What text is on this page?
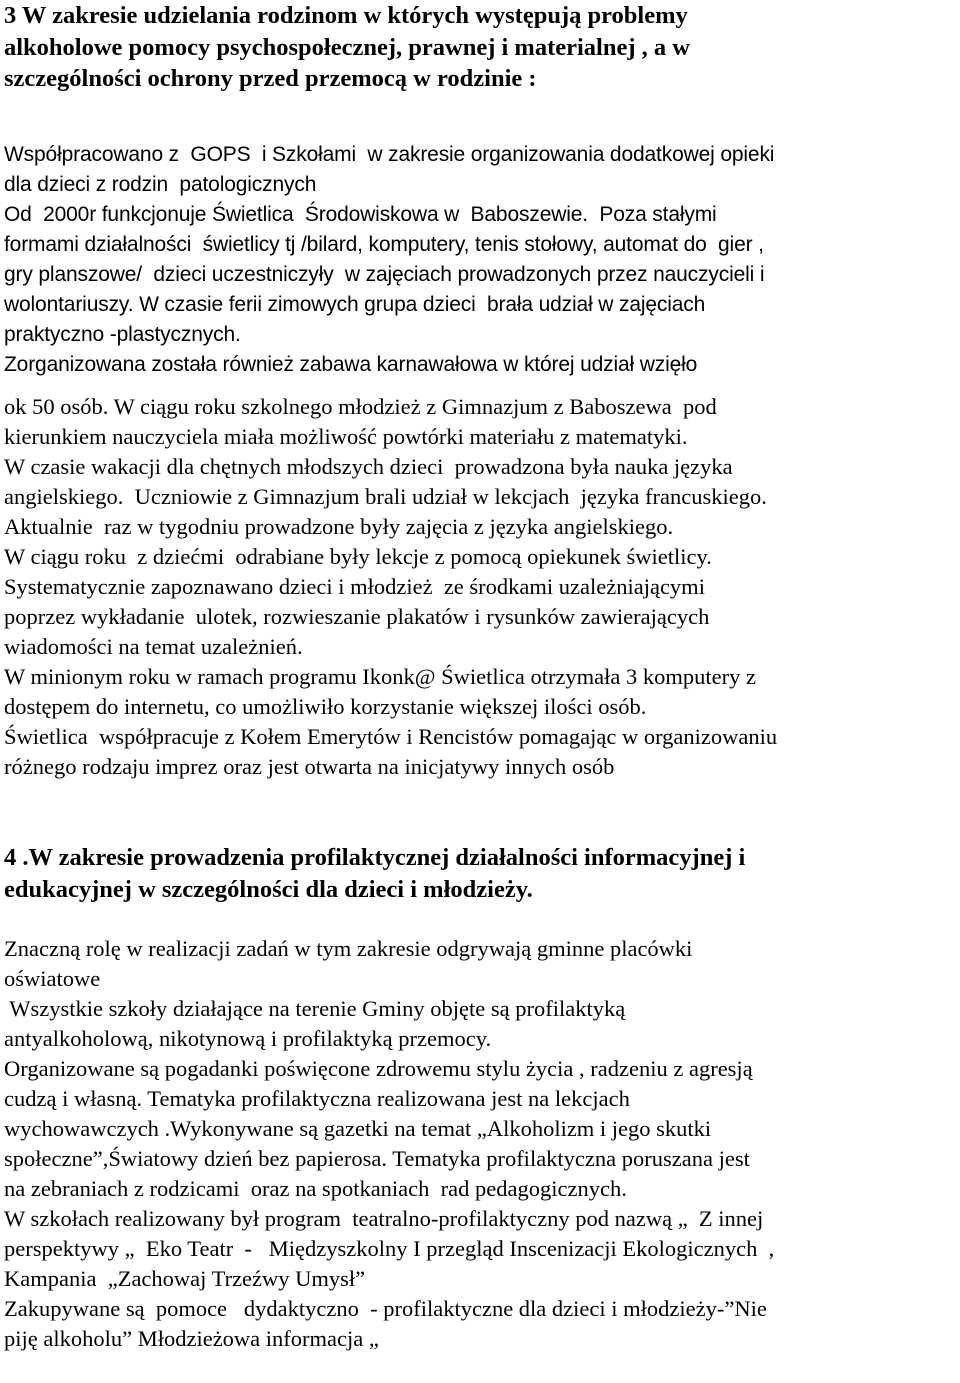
3 W zakresie udzielania rodzinom w których występują problemy
alkoholowe pomocy psychospołecznej, prawnej i materialnej , a w
szczególności ochrony przed przemocą w rodzinie :
Współpracowano z  GOPS  i Szkołami  w zakresie organizowania dodatkowej opieki
dla dzieci z rodzin  patologicznych
Od  2000r funkcjonuje Świetlica  Środowiskowa w  Baboszewie.  Poza stałymi
formami działalności  świetlicy tj /bilard, komputery, tenis stołowy, automat do  gier ,
gry planszowe/  dzieci uczestniczyły  w zajęciach prowadzonych przez nauczycieli i
wolontariuszy. W czasie ferii zimowych grupa dzieci  brała udział w zajęciach
praktyczno -plastycznych.
Zorganizowana została również zabawa karnawałowa w której udział wzięło
ok 50 osób. W ciągu roku szkolnego młodzież z Gimnazjum z Baboszewa  pod
kierunkiem nauczyciela miała możliwość powtórki materiału z matematyki.
W czasie wakacji dla chętnych młodszych dzieci  prowadzona była nauka języka
angielskiego.  Uczniowie z Gimnazjum brali udział w lekcjach  języka francuskiego.
Aktualnie  raz w tygodniu prowadzone były zajęcia z języka angielskiego.
W ciągu roku  z dziećmi  odrabiane były lekcje z pomocą opiekunek świetlicy.
Systematycznie zapoznawano dzieci i młodzież  ze środkami uzależniającymi
poprzez wykładanie  ulotek, rozwieszanie plakatów i rysunków zawierających
wiadomości na temat uzależnień.
W minionym roku w ramach programu Ikonk@ Świetlica otrzymała 3 komputery z
dostępem do internetu, co umożliwiło korzystanie większej ilości osób.
Świetlica  współpracuje z Kołem Emerytów i Rencistów pomagając w organizowaniu
różnego rodzaju imprez oraz jest otwarta na inicjatywy innych osób
4 .W zakresie prowadzenia profilaktycznej działalności informacyjnej i
edukacyjnej w szczególności dla dzieci i młodzieży.
Znaczną rolę w realizacji zadań w tym zakresie odgrywają gminne placówki
oświatowe
Wszystkie szkoły działające na terenie Gminy objęte są profilaktyką
antyalkoholową, nikotynową i profilaktyką przemocy.
Organizowane są pogadanki poświęcone zdrowemu stylu życia , radzeniu z agresją
cudzą i własną. Tematyka profilaktyczna realizowana jest na lekcjach
wychowawczych .Wykonywane są gazetki na temat „Alkoholizm i jego skutki
społeczne”,Światowy dzień bez papierosa. Tematyka profilaktyczna poruszana jest
na zebraniach z rodzicami  oraz na spotkaniach  rad pedagogicznych.
W szkołach realizowany był program  teatralno-profilaktyczny pod nazwą „  Z innej
perspektywy „  Eko Teatr  -   Międzyszkolny I przegląd Inscenizacji Ekologicznych  ,
Kampania  „Zachowaj Trzeźwy Umysł”
Zakupywane są  pomoce   dydaktyczno  - profilaktyczne dla dzieci i młodzieży-”Nie
piję alkoholu” Młodzieżowa informacja „
